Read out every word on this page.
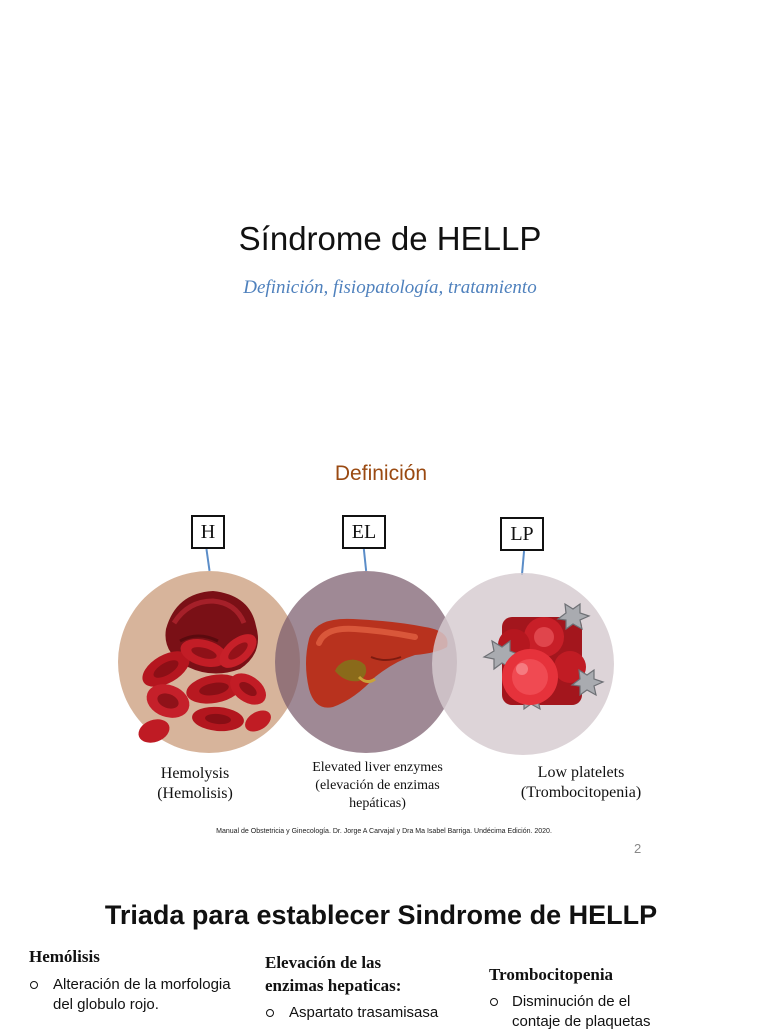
Síndrome de HELLP
Definición, fisiopatología, tratamiento
Definición
H	EL	LP
Hemolysis
(Hemolisis)
Elevated liver enzymes
(elevación de enzimas
hepáticas)
Low platelets
(Trombocitopenia)
Manual de Obstetricia y Ginecología. Dr. Jorge A Carvajal y Dra Ma Isabel Barriga. Undécima Edición. 2020.
2
Triada para establecer Sindrome de HELLP
Hemólisis
Alteración de la morfologia
del globulo rojo.
Elevación de las
enzimas hepaticas:
Aspartato trasamisasa
Trombocitopenia
Disminución de el
contaje de plaquetas
